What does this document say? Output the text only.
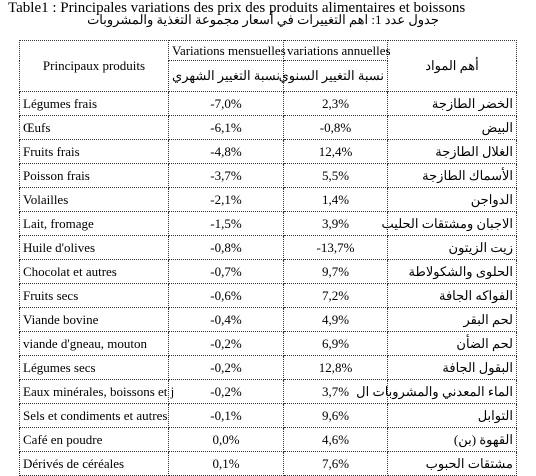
Table1 : Principales variations des prix des produits alimentaires et boissons
جدول عدد 1: اهم التغييرات في أسعار مجموعة التغذية والمشروبات
Principaux produits	Variations mensuelles	variations annuelles	أهم المواد
	نسبة التغيير الشهري	نسبة التغيير السنوي	
Légumes frais	-7,0%	2,3%	الخضر الطازجة
Œufs	-6,1%	-0,8%	البيض
Fruits frais	-4,8%	12,4%	الغلال الطازجة
Poisson frais	-3,7%	5,5%	الأسماك الطازجة
Volailles	-2,1%	1,4%	الدواجن
Lait, fromage	-1,5%	3,9%	الاجبان ومشتقات الحليب
Huile d'olives	-0,8%	-13,7%	زيت الزيتون
Chocolat et autres	-0,7%	9,7%	الحلوى والشكولاطة
Fruits secs	-0,6%	7,2%	الفواكه الجافة
Viande bovine	-0,4%	4,9%	لحم البقر
viande d'gneau, mouton	-0,2%	6,9%	لحم الضأن
Légumes secs	-0,2%	12,8%	البقول الجافة
Eaux minérales, boissons et j	-0,2%	3,7%	الماء المعدني والمشروبات ال
Sels et condiments et autres	-0,1%	9,6%	التوابل
Café en poudre	0,0%	4,6%	القهوة (بن)
Dérivés de céréales	0,1%	7,6%	مشتقات الحبوب
